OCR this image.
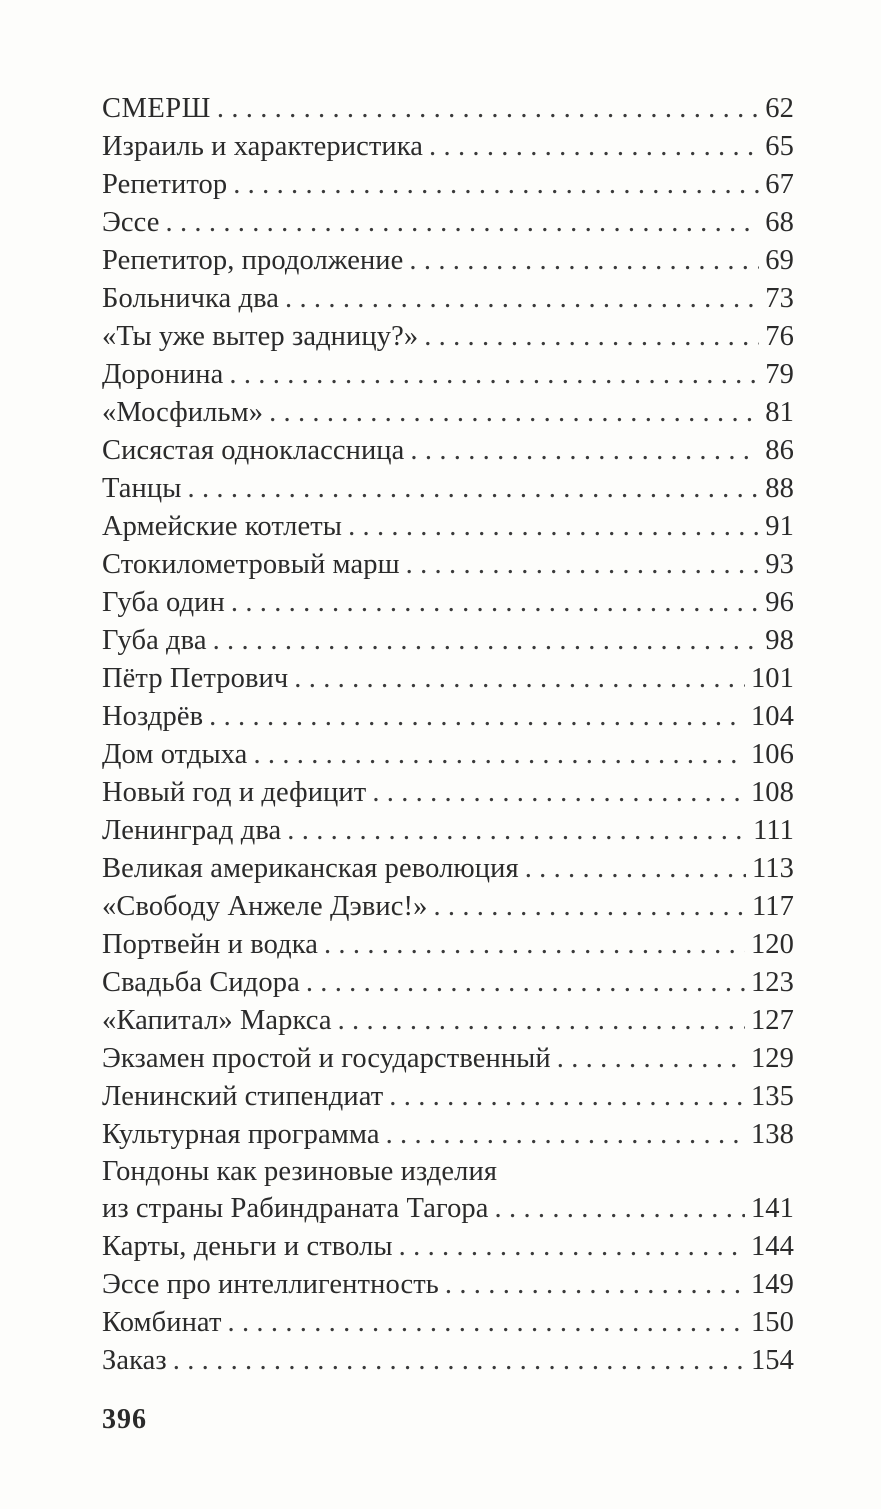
СМЕРШ . . .	62
Израиль и характеристика . . .	65
Репетитор . . .	67
Эссе . . .	68
Репетитор, продолжение . . .	69
Больничка два . . .	73
«Ты уже вытер задницу?» . . .	76
Доронина . . .	79
«Мосфильм» . . .	81
Сисястая одноклассница . . .	86
Танцы . . .	88
Армейские котлеты . . .	91
Стокилометровый марш . . .	93
Губа один . . .	96
Губа два . . .	98
Пётр Петрович . . .	101
Ноздрёв . . .	104
Дом отдыха . . .	106
Новый год и дефицит . . .	108
Ленинград два . . .	111
Великая американская революция . . .	113
«Свободу Анжеле Дэвис!» . . .	117
Портвейн и водка . . .	120
Свадьба Сидора . . .	123
«Капитал» Маркса . . .	127
Экзамен простой и государственный . . .	129
Ленинский стипендиат . . .	135
Культурная программа . . .	138
Гондоны как резиновые изделия
из страны Рабиндраната Тагора . . .	141
Карты, деньги и стволы . . .	144
Эссе про интеллигентность . . .	149
Комбинат . . .	150
Заказ . . .	154
396
